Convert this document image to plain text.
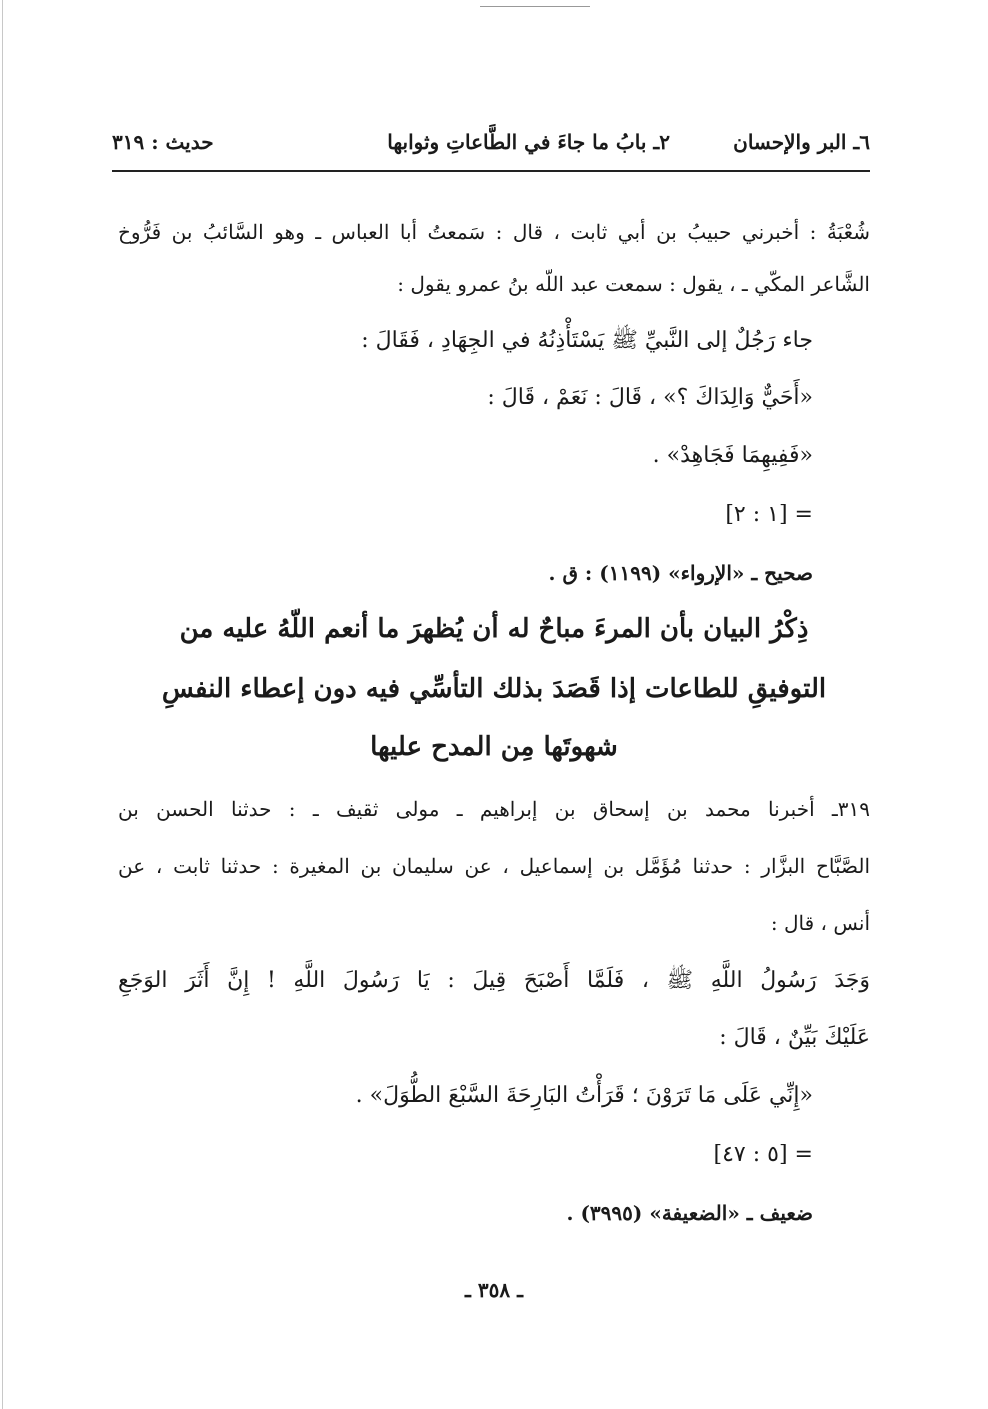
٦ـ البر والإحسان
٢ـ بابُ ما جاءَ في الطَّاعاتِ وثوابها
حديث : ٣١٩
شُعْبَةُ : أخبرني حبيبُ بن أبي ثابت ، قال : سَمعتُ أبا العباس ـ وهو السَّائبُ بن فَرُّوخ
الشَّاعر المكّي ـ ، يقول : سمعت عبد اللّه بنُ عمرو يقول :
جاء رَجُلٌ إلى النَّبيِّ ﷺ يَسْتَأْذِنُهُ في الجِهَادِ ، فَقَالَ :
«أَحَيٌّ وَالِدَاكَ ؟» ، قَالَ : نَعَمْ ، قَالَ :
«فَفِيهِمَا فَجَاهِدْ» .
= [١ : ٢]
صحيح ـ «الإرواء» (١١٩٩) : ق .
ذِكْرُ البيان بأن المرءَ مباحٌ له أن يُظهرَ ما أنعم اللّهُ عليه من
التوفيقِ للطاعات إذا قَصَدَ بذلك التأسِّي فيه دون إعطاء النفسِ
شهوتَها مِن المدح عليها
٣١٩ـ أخبرنا محمد بن إسحاق بن إبراهيم ـ مولى ثقيف ـ : حدثنا الحسن بن
الصَّبَّاح البزَّار : حدثنا مُؤَمَّل بن إسماعيل ، عن سليمان بن المغيرة : حدثنا ثابت ، عن
أنس ، قال :
وَجَدَ رَسُولُ اللَّهِ ﷺ ، فَلَمَّا أَصْبَحَ قِيلَ : يَا رَسُولَ اللَّهِ ! إِنَّ أَثَرَ الوَجَعِ
عَلَيْكَ بَيِّنٌ ، قَالَ :
«إِنِّي عَلَى مَا تَرَوْنَ ؛ قَرَأْتُ البَارِحَةَ السَّبْعَ الطُّوَلَ» .
= [٥ : ٤٧]
ضعيف ـ «الضعيفة» (٣٩٩٥) .
ـ ٣٥٨ ـ
